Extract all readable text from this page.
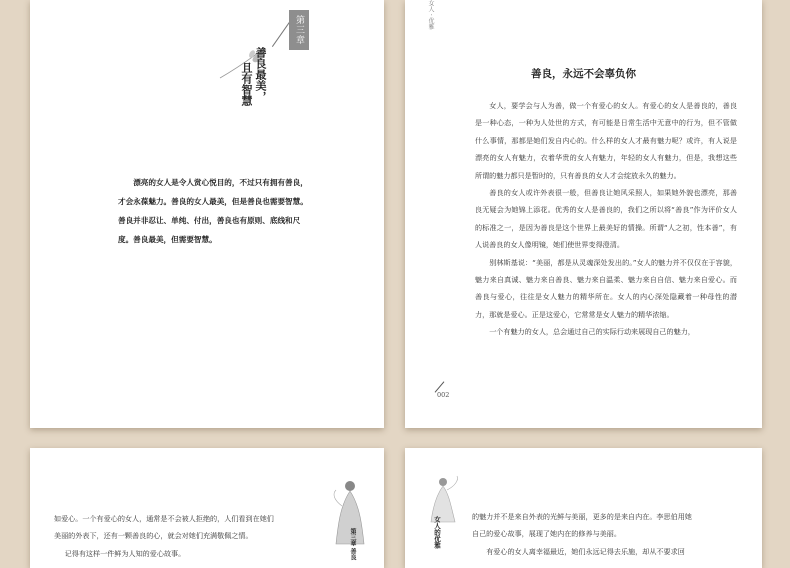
第三章
善良最美，
且有智慧

漂亮的女人是令人赏心悦目的，不过只有拥有善良，才会永葆魅力。善良的女人最美，但是善良也需要智慧。善良并非忍让、单纯、付出，善良也有原则、底线和尺度。善良最美，但需要智慧。

女人 · 优雅
善良，永远不会辜负你

女人，要学会与人为善，做一个有爱心的女人。有爱心的女人是善良的，善良是一种心态，一种为人处世的方式，有可能是日常生活中无意中的行为，但不管做什么事情，那都是她们发自内心的。什么样的女人才最有魅力呢？或许，有人说是漂亮的女人有魅力，衣着华贵的女人有魅力，年轻的女人有魅力，但是，我想这些所谓的魅力都只是暂时的，只有善良的女人才会绽放永久的魅力。

善良的女人或许外表很一般，但善良让她风采照人，如果她外貌也漂亮，那善良无疑会为她锦上添花。优秀的女人是善良的，我们之所以将“善良”作为评价女人的标准之一，是因为善良是这个世界上最美好的情操。所谓“人之初，性本善”，有人说善良的女人像明镜，她们使世界变得澄清。

别林斯基说：“美丽，都是从灵魂深处发出的。”女人的魅力并不仅仅在于容貌，魅力来自真诚、魅力来自善良、魅力来自温柔、魅力来自自信、魅力来自爱心。而善良与爱心，往往是女人魅力的精华所在。女人的内心深处隐藏着一种母性的潜力，那就是爱心。正是这爱心，它常常是女人魅力的精华浓缩。

一个有魅力的女人，总会通过自己的实际行动来展现自己的魅力，

002
第三章 善良

如爱心。一个有爱心的女人，通常是不会被人拒绝的，人们看到在她们

美丽的外表下，还有一颗善良的心，就会对她们充满敬佩之情。

记得有这样一件鲜为人知的爱心故事。

女人的优雅	的魅力并不是来自外表的光鲜与美丽，更多的是来自内在。李思伯用她

自己的爱心故事，展现了她内在的修养与美丽。

有爱心的女人离幸福最近，她们永远记得去乐施，却从不要求回
